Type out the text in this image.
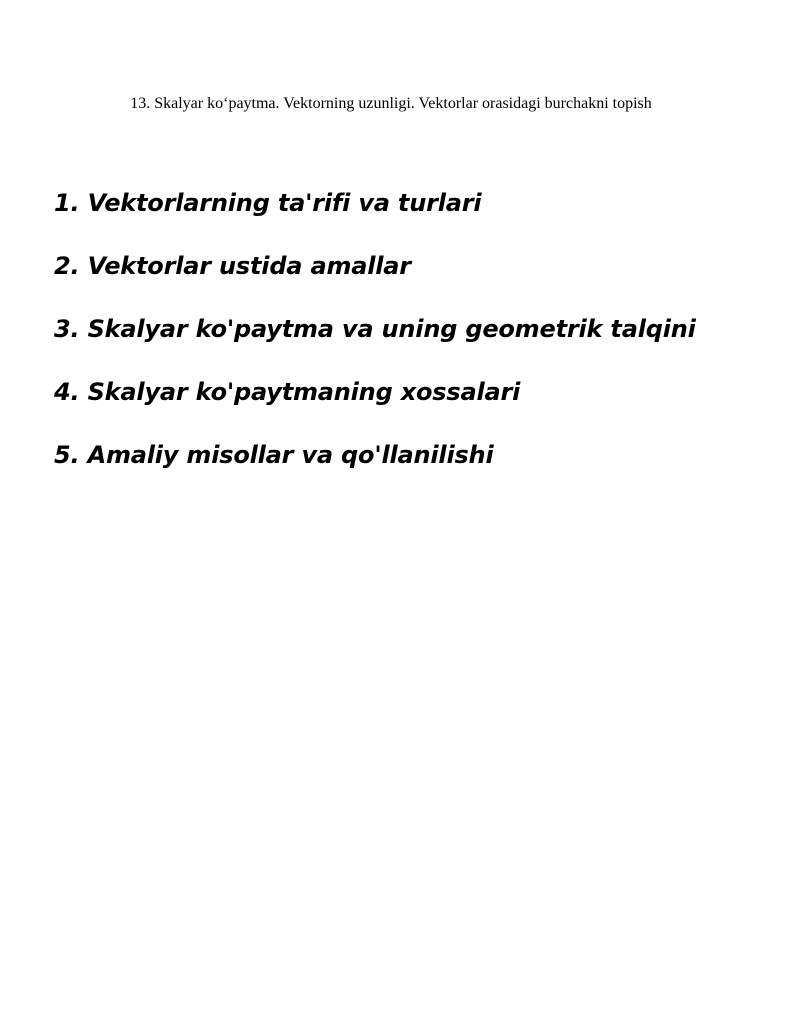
13. Skalyar ko‘paytma. Vektorning uzunligi. Vektorlar orasidagi burchakni topish
1. Vektorlarning ta'rifi va turlari
2. Vektorlar ustida amallar
3. Skalyar ko'paytma va uning geometrik talqini
4. Skalyar ko'paytmaning xossalari
5. Amaliy misollar va qo'llanilishi
